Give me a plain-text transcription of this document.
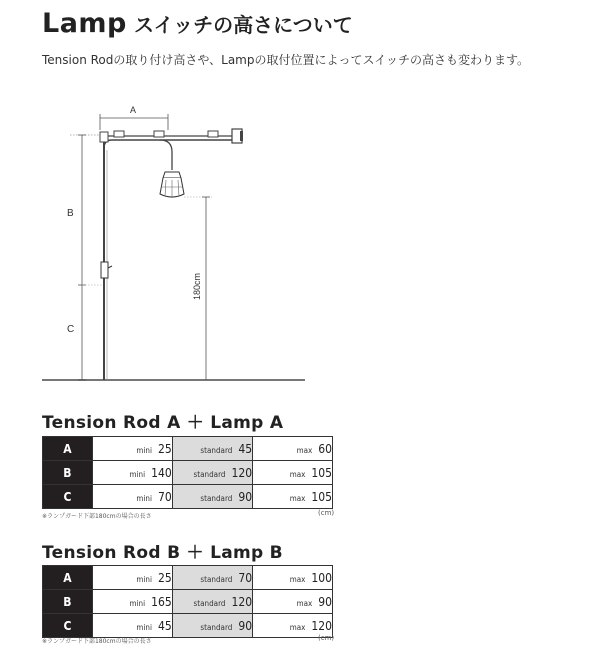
Lamp スイッチの高さについて
Tension Rodの取り付け高さや、Lampの取付位置によってスイッチの高さも変わります。
A
B
C
180cm
Tension Rod A ＋ Lamp A
A	mini 25	standard 45	max 60
B	mini 140	standard 120	max 105
C	mini 70	standard 90	max 105
※ランプガード下部180cmの場合の長さ	(cm)
Tension Rod B ＋ Lamp B
A	mini 25	standard 70	max 100
B	mini 165	standard 120	max 90
C	mini 45	standard 90	max 120
※ランプガード下部180cmの場合の長さ	(cm)
